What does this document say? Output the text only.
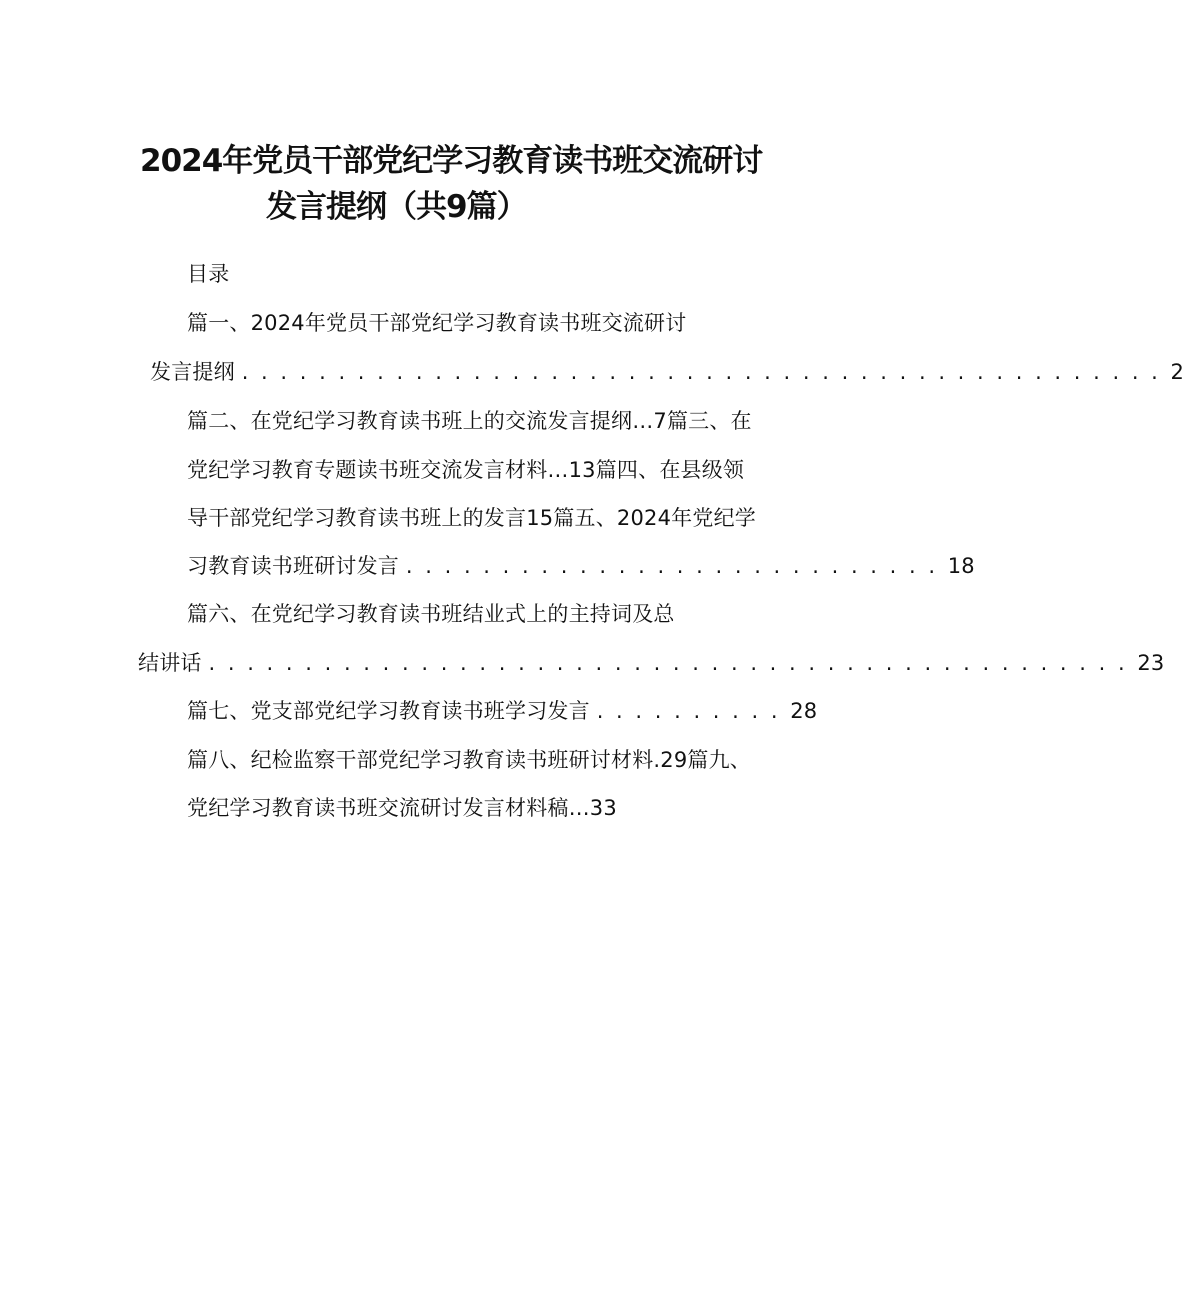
2024年党员干部党纪学习教育读书班交流研讨
发言提纲（共9篇）

目录

篇一、2024年党员干部党纪学习教育读书班交流研讨

发言提纲 . . . . . . . . . . . . . . . . . . . . . . . . . . . . . . . . . . . . . . . . . . . . . . . . 2

篇二、在党纪学习教育读书班上的交流发言提纲…7篇三、在

党纪学习教育专题读书班交流发言材料…13篇四、在县级领

导干部党纪学习教育读书班上的发言15篇五、2024年党纪学

习教育读书班研讨发言 . . . . . . . . . . . . . . . . . . . . . . . . . . . . 18

篇六、在党纪学习教育读书班结业式上的主持词及总

结讲话 . . . . . . . . . . . . . . . . . . . . . . . . . . . . . . . . . . . . . . . . . . . . . . . . 23

篇七、党支部党纪学习教育读书班学习发言 . . . . . . . . . . 28

篇八、纪检监察干部党纪学习教育读书班研讨材料.29篇九、

党纪学习教育读书班交流研讨发言材料稿…33
